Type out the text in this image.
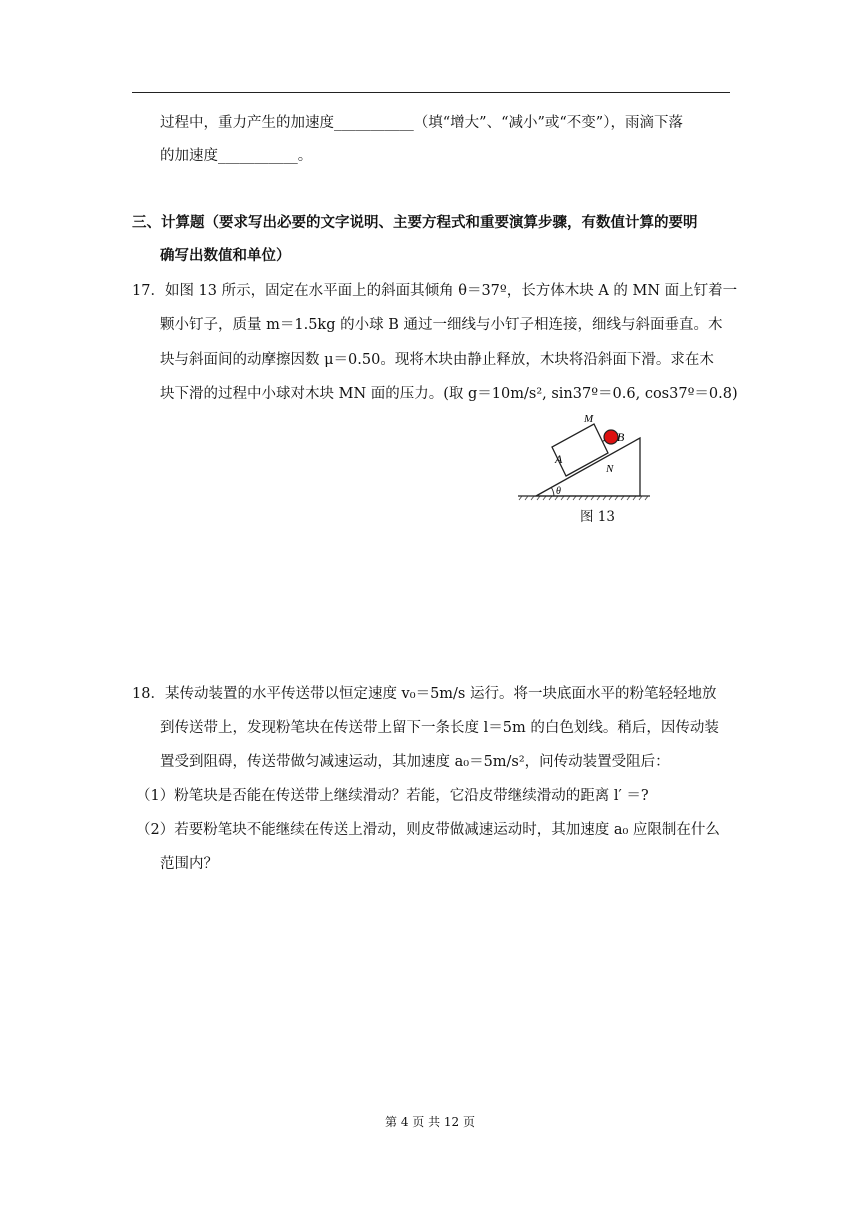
过程中，重力产生的加速度___________（填“增大”、“减小”或“不变”），雨滴下落
的加速度___________。
三、计算题（要求写出必要的文字说明、主要方程式和重要演算步骤，有数值计算的要明
确写出数值和单位）
17．如图 13 所示，固定在水平面上的斜面其倾角 θ＝37º，长方体木块 A 的 MN 面上钉着一
颗小钉子，质量 m＝1.5kg 的小球 B 通过一细线与小钉子相连接，细线与斜面垂直。木
块与斜面间的动摩擦因数 μ＝0.50。现将木块由静止释放，木块将沿斜面下滑。求在木
块下滑的过程中小球对木块 MN 面的压力。(取 g＝10m/s², sin37º＝0.6, cos37º＝0.8)
A
B
M
N
θ
图 13
18．某传动装置的水平传送带以恒定速度 v₀＝5m/s 运行。将一块底面水平的粉笔轻轻地放
到传送带上，发现粉笔块在传送带上留下一条长度 l＝5m 的白色划线。稍后，因传动装
置受到阻碍，传送带做匀减速运动，其加速度 a₀＝5m/s²，问传动装置受阻后：
（1）粉笔块是否能在传送带上继续滑动？若能，它沿皮带继续滑动的距离 l′ ＝?
（2）若要粉笔块不能继续在传送上滑动，则皮带做减速运动时，其加速度 a₀ 应限制在什么
范围内？
第 4 页 共 12 页
